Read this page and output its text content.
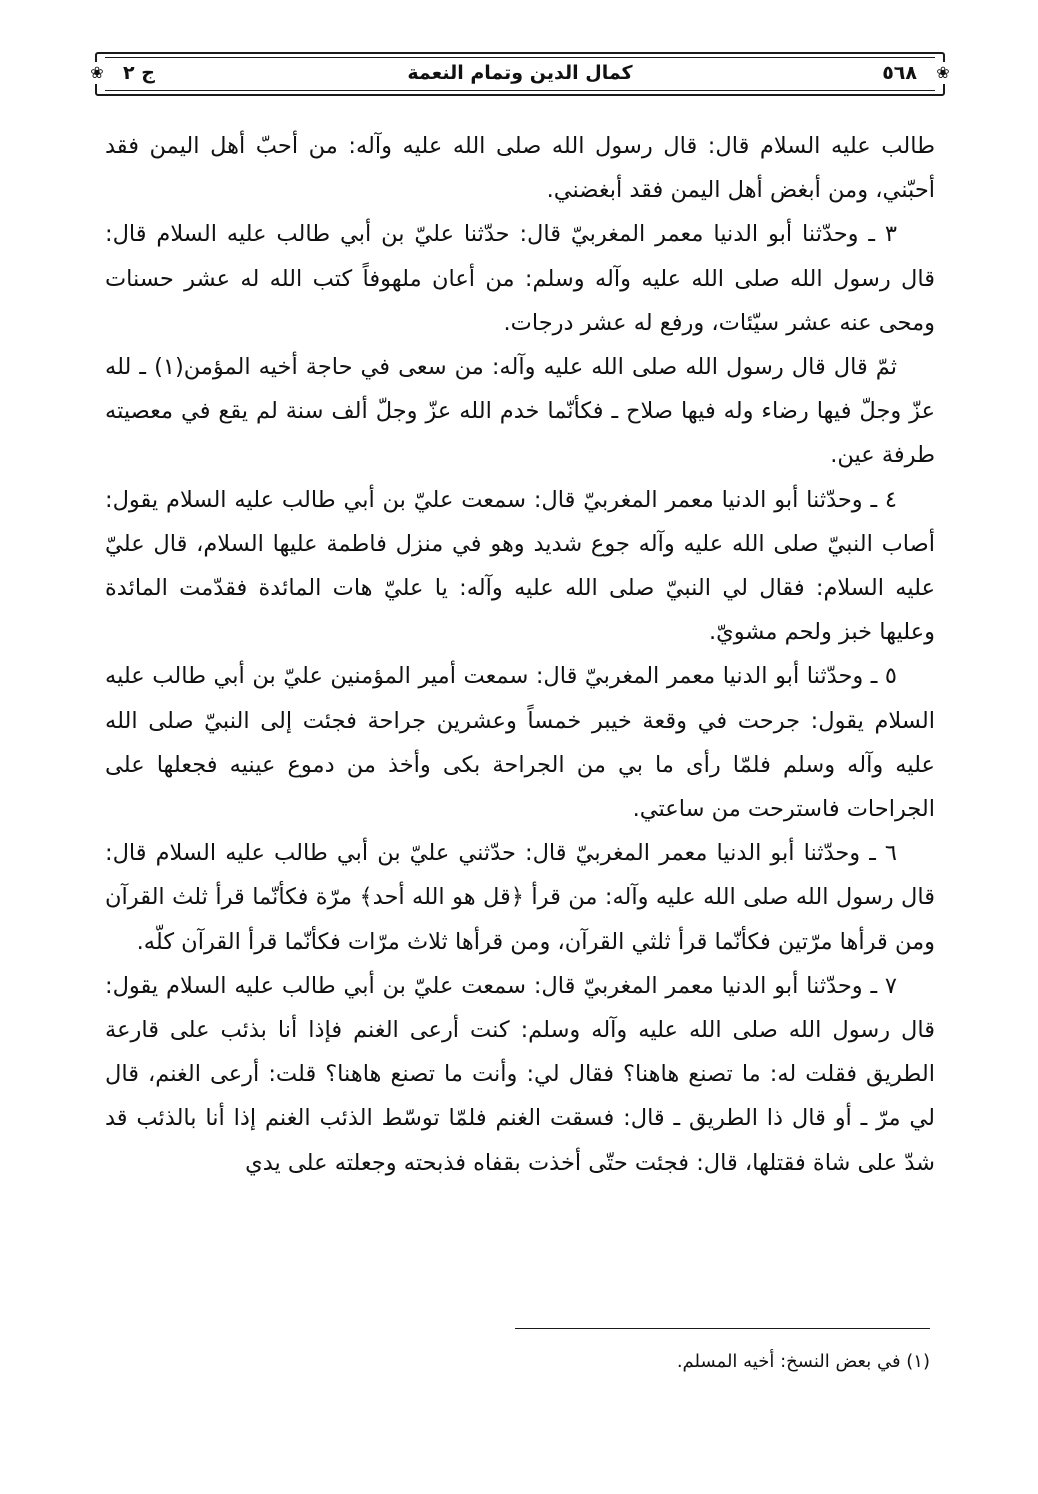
❀	❀
٥٦٨
كمال الدين وتمام النعمة
ج ٢

طالب عليه السلام قال: قال رسول الله صلى الله عليه وآله: من أحبّ أهل اليمن فقد أحبّني، ومن أبغض أهل اليمن فقد أبغضني.

٣ ـ وحدّثنا أبو الدنيا معمر المغربيّ قال: حدّثنا عليّ بن أبي طالب عليه السلام قال: قال رسول الله صلى الله عليه وآله وسلم: من أعان ملهوفاً كتب الله له عشر حسنات ومحى عنه عشر سيّئات، ورفع له عشر درجات.

ثمّ قال قال رسول الله صلى الله عليه وآله: من سعى في حاجة أخيه المؤمن(١) ـ لله عزّ وجلّ فيها رضاء وله فيها صلاح ـ فكأنّما خدم الله عزّ وجلّ ألف سنة لم يقع في معصيته طرفة عين.

٤ ـ وحدّثنا أبو الدنيا معمر المغربيّ قال: سمعت عليّ بن أبي طالب عليه السلام يقول: أصاب النبيّ صلى الله عليه وآله جوع شديد وهو في منزل فاطمة عليها السلام، قال عليّ عليه السلام: فقال لي النبيّ صلى الله عليه وآله: يا عليّ هات المائدة فقدّمت المائدة وعليها خبز ولحم مشويّ.

٥ ـ وحدّثنا أبو الدنيا معمر المغربيّ قال: سمعت أمير المؤمنين عليّ بن أبي طالب عليه السلام يقول: جرحت في وقعة خيبر خمساً وعشرين جراحة فجئت إلى النبيّ صلى الله عليه وآله وسلم فلمّا رأى ما بي من الجراحة بكى وأخذ من دموع عينيه فجعلها على الجراحات فاسترحت من ساعتي.

٦ ـ وحدّثنا أبو الدنيا معمر المغربيّ قال: حدّثني عليّ بن أبي طالب عليه السلام قال: قال رسول الله صلى الله عليه وآله: من قرأ ﴿قل هو الله أحد﴾ مرّة فكأنّما قرأ ثلث القرآن ومن قرأها مرّتين فكأنّما قرأ ثلثي القرآن، ومن قرأها ثلاث مرّات فكأنّما قرأ القرآن كلّه.

٧ ـ وحدّثنا أبو الدنيا معمر المغربيّ قال: سمعت عليّ بن أبي طالب عليه السلام يقول: قال رسول الله صلى الله عليه وآله وسلم: كنت أرعى الغنم فإذا أنا بذئب على قارعة الطريق فقلت له: ما تصنع هاهنا؟ فقال لي: وأنت ما تصنع هاهنا؟ قلت: أرعى الغنم، قال لي مرّ ـ أو قال ذا الطريق ـ قال: فسقت الغنم فلمّا توسّط الذئب الغنم إذا أنا بالذئب قد شدّ على شاة فقتلها، قال: فجئت حتّى أخذت بقفاه فذبحته وجعلته على يدي

(١) في بعض النسخ: أخيه المسلم.
